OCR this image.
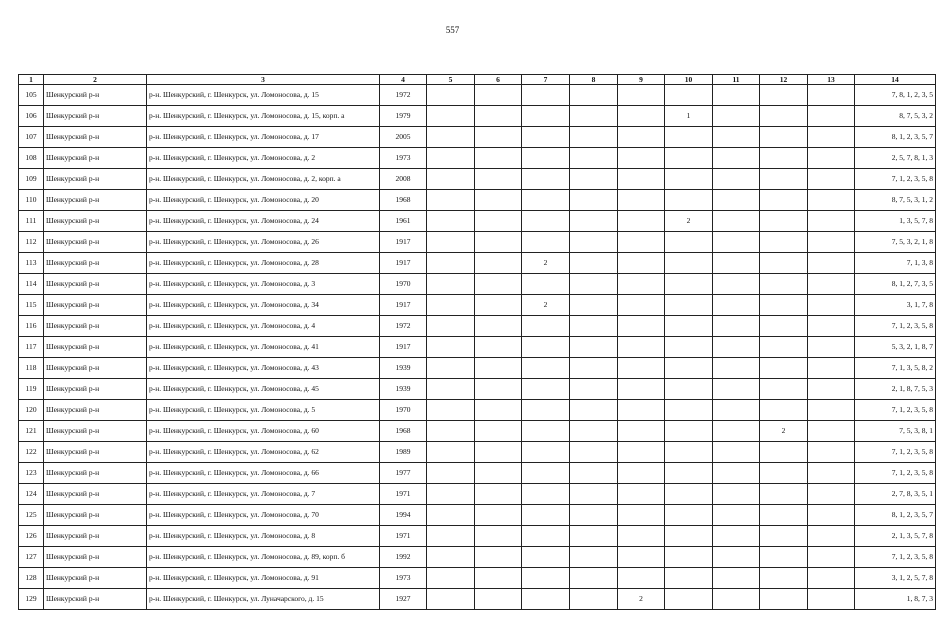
557
1	2	3	4	5	6	7	8	9	10	11	12	13	14
105	Шенкурский р-н	р-н. Шенкурский, г. Шенкурск, ул. Ломоносова, д. 15	1972										7, 8, 1, 2, 3, 5
106	Шенкурский р-н	р-н. Шенкурский, г. Шенкурск, ул. Ломоносова, д. 15, корп. а	1979						1				8, 7, 5, 3, 2
107	Шенкурский р-н	р-н. Шенкурский, г. Шенкурск, ул. Ломоносова, д. 17	2005										8, 1, 2, 3, 5, 7
108	Шенкурский р-н	р-н. Шенкурский, г. Шенкурск, ул. Ломоносова, д. 2	1973										2, 5, 7, 8, 1, 3
109	Шенкурский р-н	р-н. Шенкурский, г. Шенкурск, ул. Ломоносова, д. 2, корп. а	2008										7, 1, 2, 3, 5, 8
110	Шенкурский р-н	р-н. Шенкурский, г. Шенкурск, ул. Ломоносова, д. 20	1968										8, 7, 5, 3, 1, 2
111	Шенкурский р-н	р-н. Шенкурский, г. Шенкурск, ул. Ломоносова, д. 24	1961						2				1, 3, 5, 7, 8
112	Шенкурский р-н	р-н. Шенкурский, г. Шенкурск, ул. Ломоносова, д. 26	1917										7, 5, 3, 2, 1, 8
113	Шенкурский р-н	р-н. Шенкурский, г. Шенкурск, ул. Ломоносова, д. 28	1917			2							7, 1, 3, 8
114	Шенкурский р-н	р-н. Шенкурский, г. Шенкурск, ул. Ломоносова, д. 3	1970										8, 1, 2, 7, 3, 5
115	Шенкурский р-н	р-н. Шенкурский, г. Шенкурск, ул. Ломоносова, д. 34	1917			2							3, 1, 7, 8
116	Шенкурский р-н	р-н. Шенкурский, г. Шенкурск, ул. Ломоносова, д. 4	1972										7, 1, 2, 3, 5, 8
117	Шенкурский р-н	р-н. Шенкурский, г. Шенкурск, ул. Ломоносова, д. 41	1917										5, 3, 2, 1, 8, 7
118	Шенкурский р-н	р-н. Шенкурский, г. Шенкурск, ул. Ломоносова, д. 43	1939										7, 1, 3, 5, 8, 2
119	Шенкурский р-н	р-н. Шенкурский, г. Шенкурск, ул. Ломоносова, д. 45	1939										2, 1, 8, 7, 5, 3
120	Шенкурский р-н	р-н. Шенкурский, г. Шенкурск, ул. Ломоносова, д. 5	1970										7, 1, 2, 3, 5, 8
121	Шенкурский р-н	р-н. Шенкурский, г. Шенкурск, ул. Ломоносова, д. 60	1968								2		7, 5, 3, 8, 1
122	Шенкурский р-н	р-н. Шенкурский, г. Шенкурск, ул. Ломоносова, д. 62	1989										7, 1, 2, 3, 5, 8
123	Шенкурский р-н	р-н. Шенкурский, г. Шенкурск, ул. Ломоносова, д. 66	1977										7, 1, 2, 3, 5, 8
124	Шенкурский р-н	р-н. Шенкурский, г. Шенкурск, ул. Ломоносова, д. 7	1971										2, 7, 8, 3, 5, 1
125	Шенкурский р-н	р-н. Шенкурский, г. Шенкурск, ул. Ломоносова, д. 70	1994										8, 1, 2, 3, 5, 7
126	Шенкурский р-н	р-н. Шенкурский, г. Шенкурск, ул. Ломоносова, д. 8	1971										2, 1, 3, 5, 7, 8
127	Шенкурский р-н	р-н. Шенкурский, г. Шенкурск, ул. Ломоносова, д. 89, корп. б	1992										7, 1, 2, 3, 5, 8
128	Шенкурский р-н	р-н. Шенкурский, г. Шенкурск, ул. Ломоносова, д. 91	1973										3, 1, 2, 5, 7, 8
129	Шенкурский р-н	р-н. Шенкурский, г. Шенкурск, ул. Луначарского, д. 15	1927					2					1, 8, 7, 3
